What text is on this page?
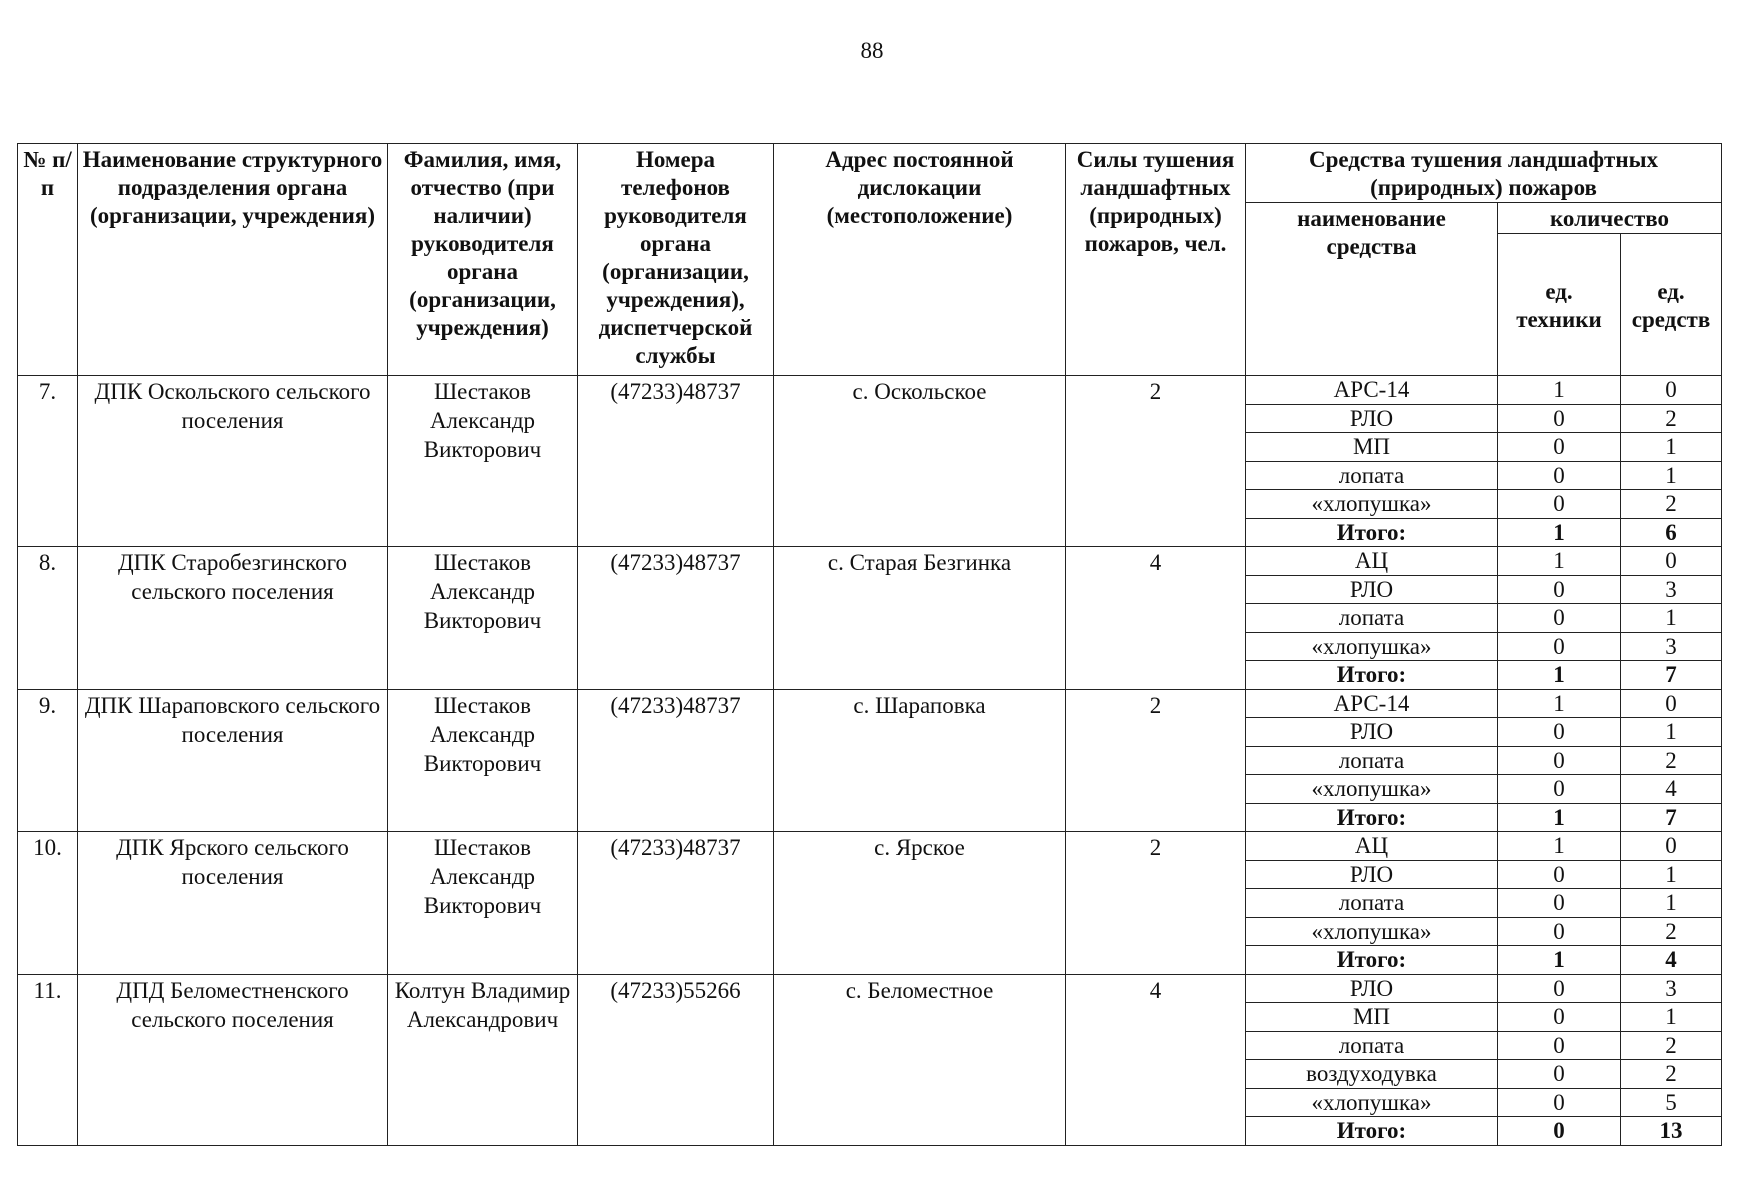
88
№ п/п	Наименование структурного подразделения органа (организации, учреждения)	Фамилия, имя, отчество (при наличии) руководителя органа (организации, учреждения)	Номера телефонов руководителя органа (организации, учреждения), диспетчерской службы	Адрес постоянной дислокации (местоположение)	Силы тушения ландшафтных (природных) пожаров, чел.	Средства тушения ландшафтных (природных) пожаров		
						наименование средства	количество	
							ед. техники	ед. средств
7.	ДПК Оскольского сельского поселения	Шестаков Александр Викторович	(47233)48737	с. Оскольское	2	АРС-14	1	0
						РЛО	0	2
						МП	0	1
						лопата	0	1
						«хлопушка»	0	2
						Итого:	1	6
8.	ДПК Старобезгинского сельского поселения	Шестаков Александр Викторович	(47233)48737	с. Старая Безгинка	4	АЦ	1	0
						РЛО	0	3
						лопата	0	1
						«хлопушка»	0	3
						Итого:	1	7
9.	ДПК Шараповского сельского поселения	Шестаков Александр Викторович	(47233)48737	с. Шараповка	2	АРС-14	1	0
						РЛО	0	1
						лопата	0	2
						«хлопушка»	0	4
						Итого:	1	7
10.	ДПК Ярского сельского поселения	Шестаков Александр Викторович	(47233)48737	с. Ярское	2	АЦ	1	0
						РЛО	0	1
						лопата	0	1
						«хлопушка»	0	2
						Итого:	1	4
11.	ДПД Беломестненского сельского поселения	Колтун Владимир Александрович	(47233)55266	с. Беломестное	4	РЛО	0	3
						МП	0	1
						лопата	0	2
						воздуходувка	0	2
						«хлопушка»	0	5
						Итого:	0	13
